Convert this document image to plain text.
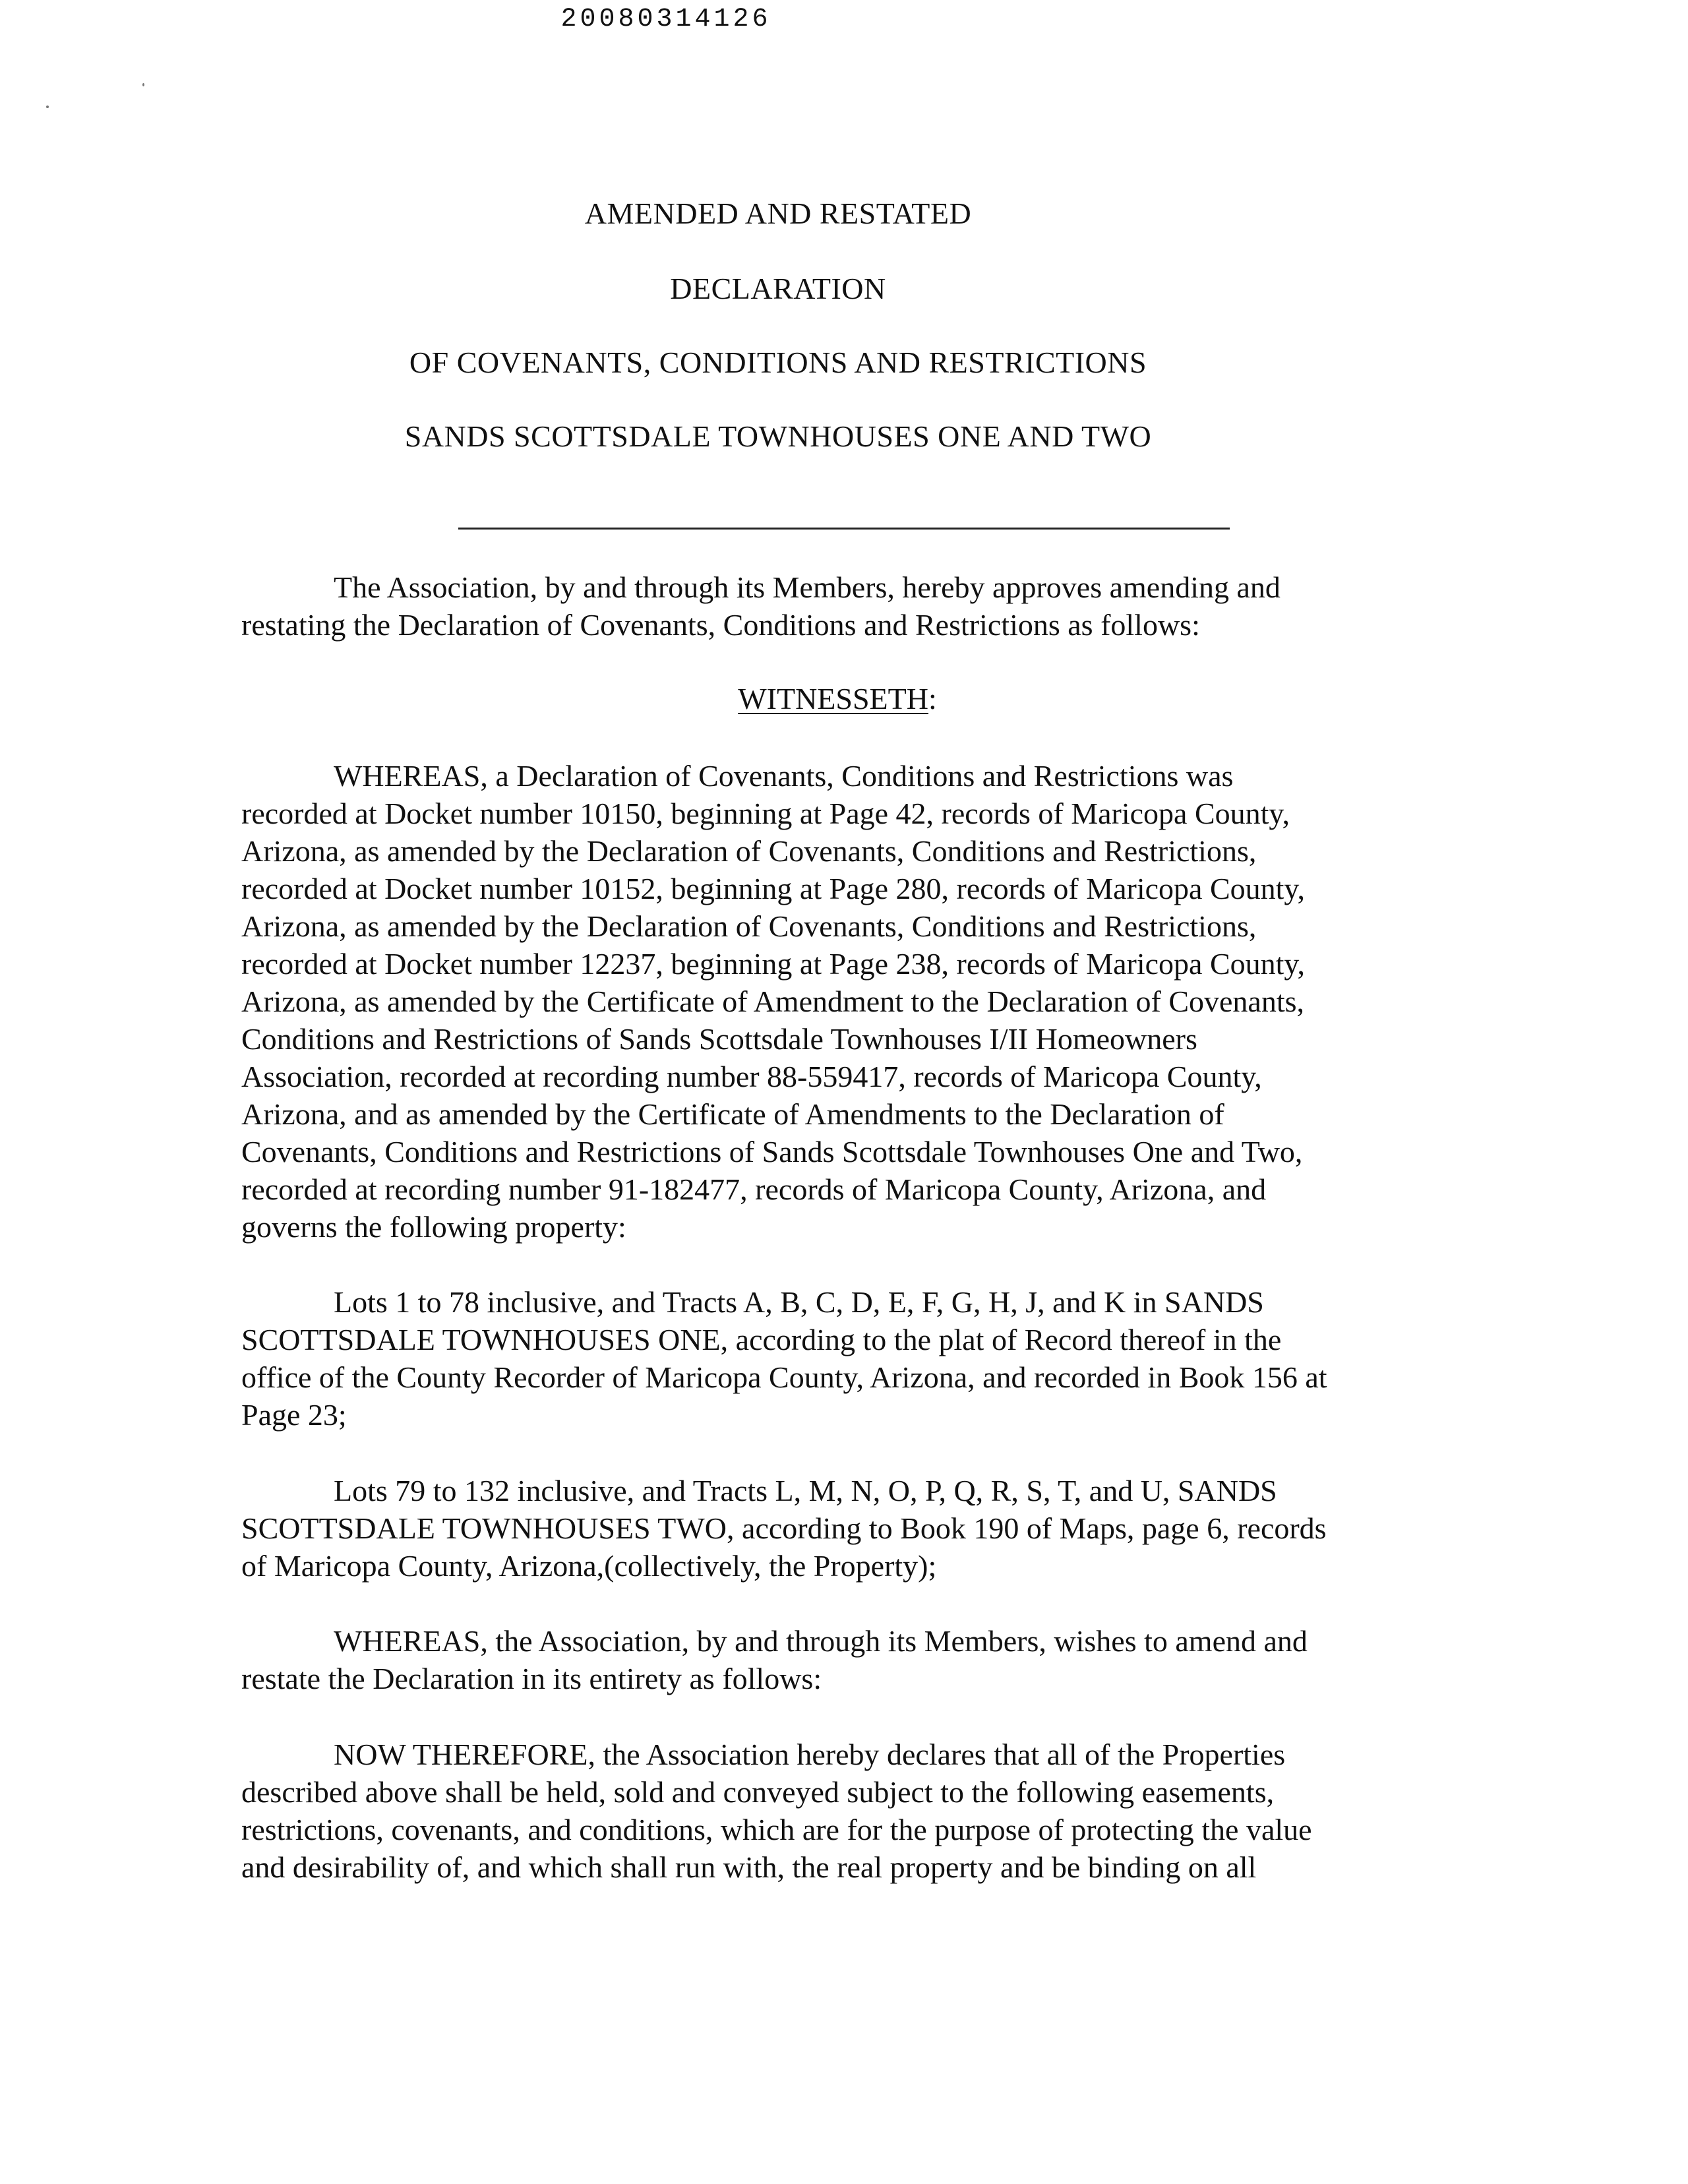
20080314126
AMENDED AND RESTATED
DECLARATION
OF COVENANTS, CONDITIONS AND RESTRICTIONS
SANDS SCOTTSDALE TOWNHOUSES ONE AND TWO

The Association, by and through its Members, hereby approves amending and
restating the Declaration of Covenants, Conditions and Restrictions as follows:

WITNESSETH:

WHEREAS, a Declaration of Covenants, Conditions and Restrictions was
recorded at Docket number 10150, beginning at Page 42, records of Maricopa County,
Arizona, as amended by the Declaration of Covenants, Conditions and Restrictions,
recorded at Docket number 10152, beginning at Page 280, records of Maricopa County,
Arizona, as amended by the Declaration of Covenants, Conditions and Restrictions,
recorded at Docket number 12237, beginning at Page 238, records of Maricopa County,
Arizona, as amended by the Certificate of Amendment to the Declaration of Covenants,
Conditions and Restrictions of Sands Scottsdale Townhouses I/II Homeowners
Association, recorded at recording number 88-559417, records of Maricopa County,
Arizona, and as amended by the Certificate of Amendments to the Declaration of
Covenants, Conditions and Restrictions of Sands Scottsdale Townhouses One and Two,
recorded at recording number 91-182477, records of Maricopa County, Arizona, and
governs the following property:

Lots 1 to 78 inclusive, and Tracts A, B, C, D, E, F, G, H, J, and K in SANDS
SCOTTSDALE TOWNHOUSES ONE, according to the plat of Record thereof in the
office of the County Recorder of Maricopa County, Arizona, and recorded in Book 156 at
Page 23;

Lots 79 to 132 inclusive, and Tracts L, M, N, O, P, Q, R, S, T, and U, SANDS
SCOTTSDALE TOWNHOUSES TWO, according to Book 190 of Maps, page 6, records
of Maricopa County, Arizona,(collectively, the Property);

WHEREAS, the Association, by and through its Members, wishes to amend and
restate the Declaration in its entirety as follows:

NOW THEREFORE, the Association hereby declares that all of the Properties
described above shall be held, sold and conveyed subject to the following easements,
restrictions, covenants, and conditions, which are for the purpose of protecting the value
and desirability of, and which shall run with, the real property and be binding on all
